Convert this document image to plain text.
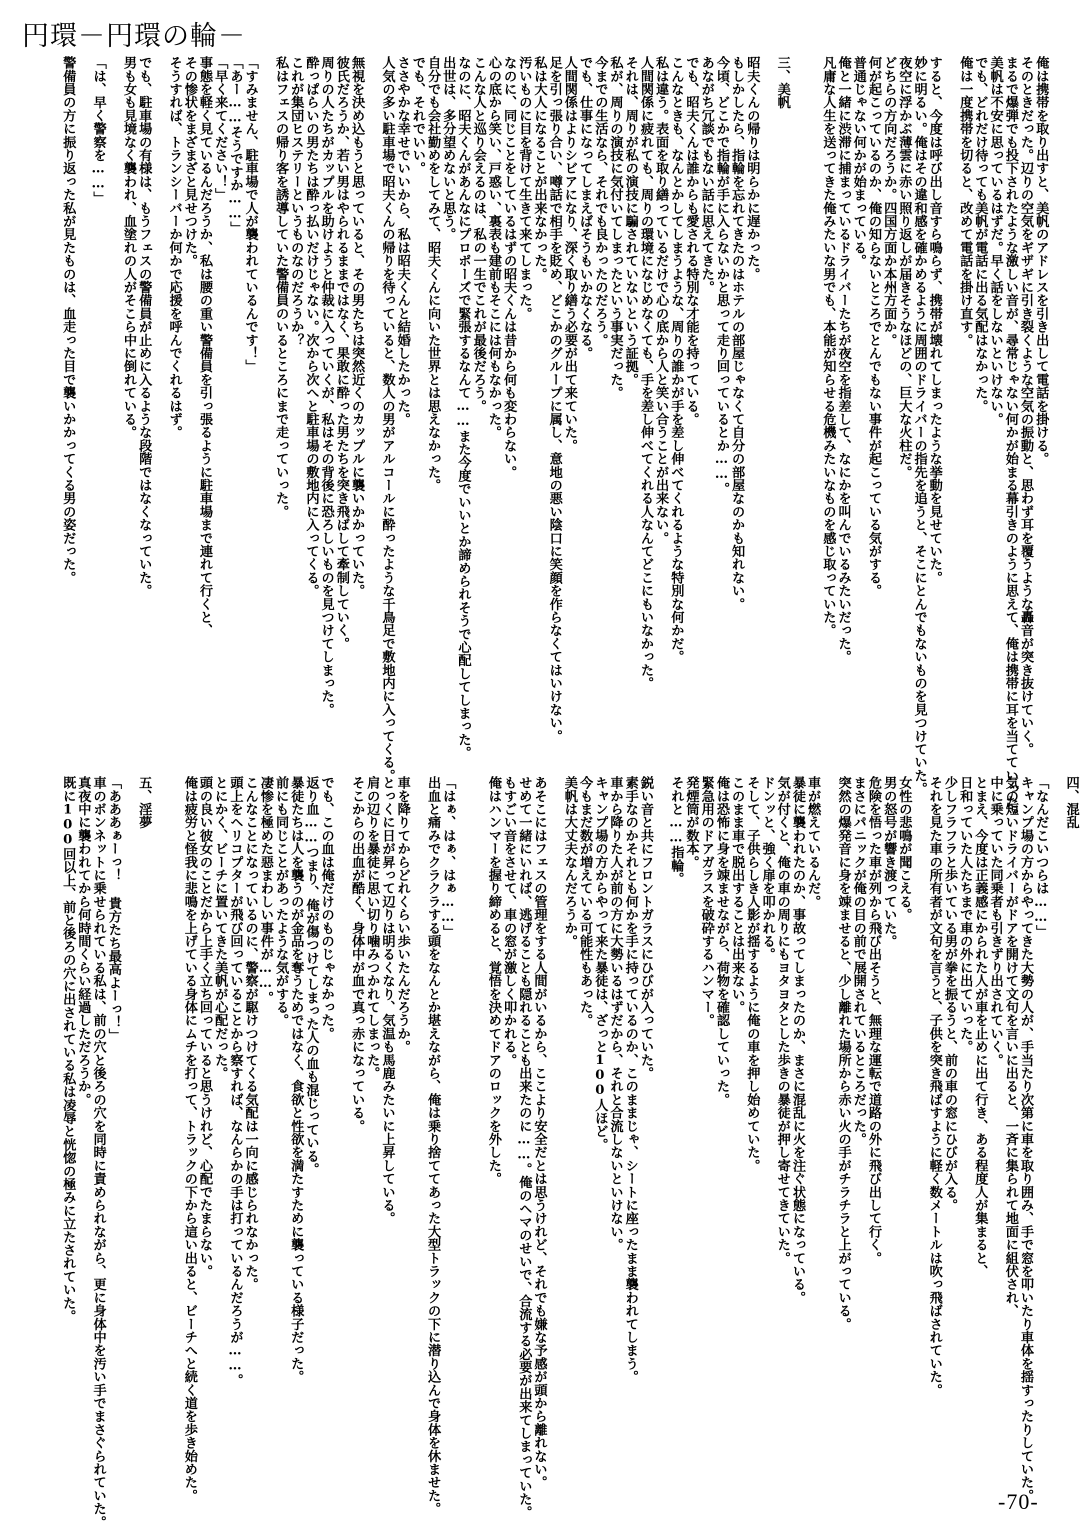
円環－円環の輪－
俺は携帯を取り出すと、美帆のアドレスを引き出して電話を掛ける。
そのときだった。辺りの空気をギザギに引き裂くような空気の振動と、思わず耳を覆うような轟音が突き抜けていく。
まるで爆弾でも投下されたような激しい音が、尋常じゃない何かが始まる幕引きのように思えて、俺は携帯に耳を当てていった。
美帆は不安に思っているはずだ。早く話をしないといけない。
でも、どれだけ待っても美帆が電話に出る気配はなかった。
俺は一度携帯を切ると、改めて電話を掛け直す。

すると、今度は呼び出し音すら鳴らず、携帯が壊れてしまったような挙動を見せていた。
妙に明るい。俺はその違和感を確かめるように周囲のドライバーの指先を追うと、そこにとんでもないものを見つけていた。
夜空に浮かぶ薄雲に赤い照り返しが届きそうなほどの、巨大な火柱だ。
どちらの方向だろうか。四国方面か本州方面か。
何が起こっているのか、俺の知らないところでとんでもない事件が起こっている気がする。
普通じゃない何かが始まっている。
俺と一緒に渋滞に捕まっているドライバーたちが夜空を指差して、なにかを叫んでいるみたいだった。
凡庸な人生を送ってきた俺みたいな男でも、本能が知らせる危機みたいなものを感じ取っていた。

三、美帆

昭夫くんの帰りは明らかに遅かった。
もしかしたら、指輪を忘れてきたのはホテルの部屋じゃなくて自分の部屋なのかも知れない。
今頃、どこかで指輪が手に入らないかと思って走り回っているとか……。
あながち冗談でもない話に思えてきた。
でも、昭夫くんは誰からも愛される特別な才能を持っている。
こんなときも、なんとかしてしまうような、周りの誰かが手を差し伸べてくれるような特別な何かだ。
私は違う。表面を取り繕っているだけで心の底から人と笑い合うことが出来ない。
人間関係に疲れても、周りの環境になじめなくても、手を差し伸べてくれる人なんてどこにもいなかった。
それは、周りが私の演技に騙されていないという証拠。
私が、周りの演技に気付いてしまったという事実だった。
今までの生活なら、それでも良かったのだろう。
でも、仕事になってしまえばそうもいかなくなる。
人間関係はよりシビアになり、深く取り繕う必要が出て来ていた。
足を引っ張り合い、噂話で相手を貶め、どこかのグループに属し、意地の悪い陰口に笑顔を作らなくてはいけない。
私は大人になることが出来なかった。
汚いものに目を背けて生きて来てしまった。
なのに、同じことをしているはずの昭夫くんは昔から何も変わらない。
心の底から笑い、戸惑い、裏表も建前もそこには何もなかった。
こんな人と巡り会えるのは、私の一生でこれが最後だろう。
なのに、昭夫くんがあんなにプロポーズで緊張するなんて……また今度でいいとか諦められそうで心配してしまった。
出世は、多分望めないと思う。
自分でも会社勤めをしてみて、昭夫くんに向いた世界とは思えなかった。
でも、それでいい。
ささやかな幸せでいいから、私は昭夫くんと結婚したかった。
人気の多い駐車場で昭夫くんの帰りを待っていると、数人の男がアルコールに酔ったような千鳥足で敷地内に入ってくる。

無視を決め込もうと思っていると、その男たちは突然近くのカップルに襲いかかっていた。
彼氏だろうか、若い男はやられるままではなく、果敢に酔った男たちを突き飛ばして牽制していく。
周りの人たちがカップルを助けようと仲裁に入っていくが、私はその背後に恐ろしいものを見つけてしまった。
酔っぱらいの男たちは酔っ払いだけじゃない。次から次へと駐車場の敷地内に入ってくる。
これが集団ヒステリーというものなのだろうか？
私はフェスの帰り客を誘導していた警備員のいるところにまで走っていった。

「すみません、駐車場で人が襲われているんです！」
「あー……そうですか……」
「早く来てください！」
事態を軽く見ているんだろうか、私は腰の重い警備員を引っ張るように駐車場まで連れて行くと、
その惨状をまざまざと見せつけた。
そうすれば、トランシーバーか何かで応援を呼んでくれるはず。

でも、駐車場の有様は、もうフェスの警備員が止めに入るような段階ではなくなっていた。
男も女も見境なく襲われ、血塗れの人がそこら中に倒れている。

「は、早く警察を……」

警備員の方に振り返った私が見たものは、血走った目で襲いかかってくる男の姿だった。
四、混乱

「なんだこいつらは……」
キャンプ場の方からやってきた大勢の人が、手当たり次第に車を取り囲み、手で窓を叩いたり車体を揺すったりしていた。
気の短いドライバーがドアを開けて文句を言いに出ると、一斉に集られて地面に組伏され、
中に乗っていた同乗者も引きずり出されていく。
とまえ、今度は正義感にかられた人が車を止めに出て行き、ある程度人が集まると、
日和っていた人たちまで車の外に出ていった。
少しフラフラと歩いている男が拳を振るうと、前の車の窓にひびが入る。
それを見た車の所有者が文句を言うと、子供を突き飛ばすように軽く数メートルは吹っ飛ばされていた。

女性の悲鳴が聞こえる。
男の怒号が響き渡っていた。
危険を悟った車が列から飛び出そうと、無理な運転で道路の外に飛び出して行く。
まさにパニックが俺の目の前で展開されているところだった。
突然の爆発音に身を竦ませると、少し離れた場所から赤い火の手がチラチラと上がっている。

車が燃えているんだ。
暴徒に襲われたのか、事故ってしまったのか、まさに混乱に火を注ぐ状態になっている。
気が付くと、俺の車の周りにもヨタヨタとした歩きの暴徒が押し寄せてきていた。
ドンッと、強く扉を叩かれる。
そして、子供らしき人影が揺するように俺の車を押し始めていた。
このまま車で脱出することは出来ない。
俺は恐怖に身を竦ませながら、荷物を確認していった。
緊急用のドアガラスを破砕するハンマー。
発煙筒が数本。
それと……指輪。

鋭い音と共にフロントガラスにひびが入っていた。
素手なのかそれとも何かを手に持っているのか、このままじゃ、シートに座ったまま襲われてしまう。
車から降りた人が前の方に大勢いるはずだから、それと合流しないといけない。
キャンプ場の方からやって来た暴徒は、ざっと100人ほど。
今もまだ数が増えている可能性もあった。
美帆は大丈夫なんだろうか。

あそこにはフェスの管理をする人間がいるから、ここより安全だとは思うけれど、それでも嫌な予感が頭から離れない。
せめて一緒にいれば、逃げることも隠れることも出来たのに……。俺のヘマのせいで、合流する必要が出来てしまっていた。
もすごい音をさせて、車の窓が激しく叩かれる。
俺はハンマーを握り締めると、覚悟を決めてドアのロックを外した。

「はぁ、はぁ、はぁ……」
出血と痛みでクラクラする頭をなんとか堪えながら、俺は乗り捨ててあった大型トラックの下に潜り込んで身体を休ませた。

車を降りてからどれくらい歩いたんだろうか。
とっくに日が昇って辺りは明るくなり、気温も馬鹿みたいに上昇している。
肩の辺りを暴徒に思い切り噛みつかれてしまった。
そこからの出血が酷く、身体中が血で真っ赤になっている。

でも、この血は俺だけのものじゃなかった。
返り血……つまり、俺が傷つけてしまった人の血も混じっている。
暴徒たちは人を襲うのが金品を奪うためではなく、食欲と性欲を満たすために襲っている様子だった。
前にも同じことがあったような気がする。
凄惨を極めた惡まわしい事件が……。
こんなことになっているのに、警察が駆けつけてくる気配は一向に感じられなかった。
頭上をヘリコプターが飛び回っていることから察すれば、なんらかの手は打っているんだろうが……。
とにかく、ビーチに置いてきた美帆が心配だった。
頭の良い彼女のことだから上手く立ち回っていると思うけれど、心配でたまらない。
俺は疲労と怪我に悲鳴を上げている身体にムチを打って、トラックの下から這い出ると、ビーチへと続く道を歩き始めた。

五、淫夢

「あああぁーっ！ 貴方たち最高よーっ！」
車のボンネットに乗せられている私は、前の穴と後ろの穴を同時に責められながら、更に身体中を汚い手でまさぐられていた。
真夜中に襲われてから何時間くらい経過しただろうか。
既に100回以上、前と後ろの穴に出されている私は凌辱と恍惚の極みに立たされていた。
-70-
